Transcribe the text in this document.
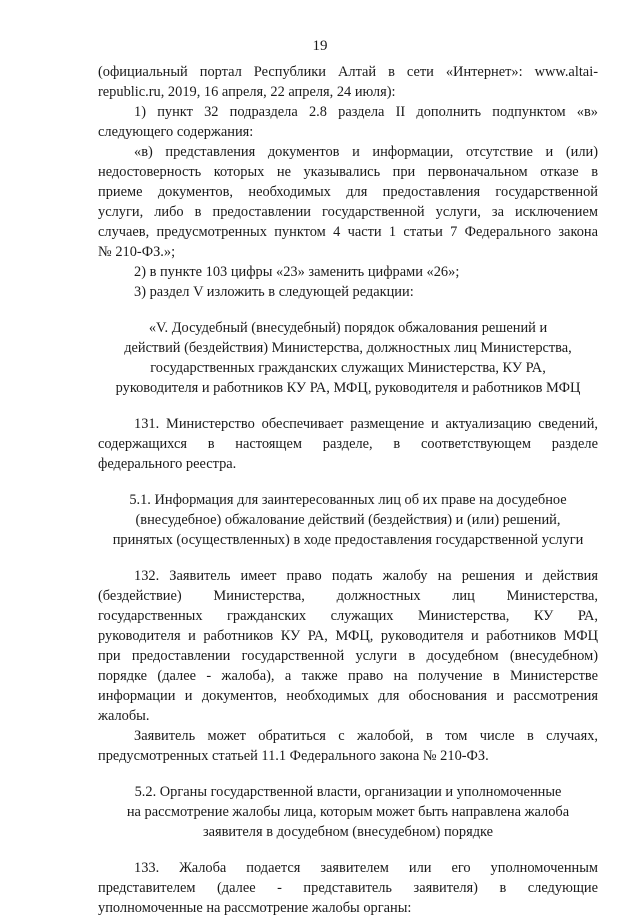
19
(официальный портал Республики Алтай в сети «Интернет»: www.altai-
republic.ru, 2019, 16 апреля, 22 апреля, 24 июля):
1) пункт 32 подраздела 2.8 раздела II дополнить подпунктом «в»
следующего содержания:
«в) представления документов и информации, отсутствие и (или)
недостоверность которых не указывались при первоначальном отказе в
приеме документов, необходимых для предоставления государственной
услуги, либо в предоставлении государственной услуги, за исключением
случаев, предусмотренных пунктом 4 части 1 статьи 7 Федерального закона
№ 210-ФЗ.»;
2) в пункте 103 цифры «23» заменить цифрами «26»;
3) раздел V изложить в следующей редакции:
«V. Досудебный (внесудебный) порядок обжалования решений и
действий (бездействия) Министерства, должностных лиц Министерства,
государственных гражданских служащих Министерства, КУ РА,
руководителя и работников КУ РА, МФЦ, руководителя и работников МФЦ
131. Министерство обеспечивает размещение и актуализацию сведений,
содержащихся в настоящем разделе, в соответствующем разделе
федерального реестра.
5.1. Информация для заинтересованных лиц об их праве на досудебное
(внесудебное) обжалование действий (бездействия) и (или) решений,
принятых (осуществленных) в ходе предоставления государственной услуги
132. Заявитель имеет право подать жалобу на решения и действия
(бездействие) Министерства, должностных лиц Министерства,
государственных гражданских служащих Министерства, КУ РА,
руководителя и работников КУ РА, МФЦ, руководителя и работников МФЦ
при предоставлении государственной услуги в досудебном (внесудебном)
порядке (далее - жалоба), а также право на получение в Министерстве
информации и документов, необходимых для обоснования и рассмотрения
жалобы.
Заявитель может обратиться с жалобой, в том числе в случаях,
предусмотренных статьей 11.1 Федерального закона № 210-ФЗ.
5.2. Органы государственной власти, организации и уполномоченные
на рассмотрение жалобы лица, которым может быть направлена жалоба
заявителя в досудебном (внесудебном) порядке
133. Жалоба подается заявителем или его уполномоченным
представителем (далее - представитель заявителя) в следующие
уполномоченные на рассмотрение жалобы органы:
